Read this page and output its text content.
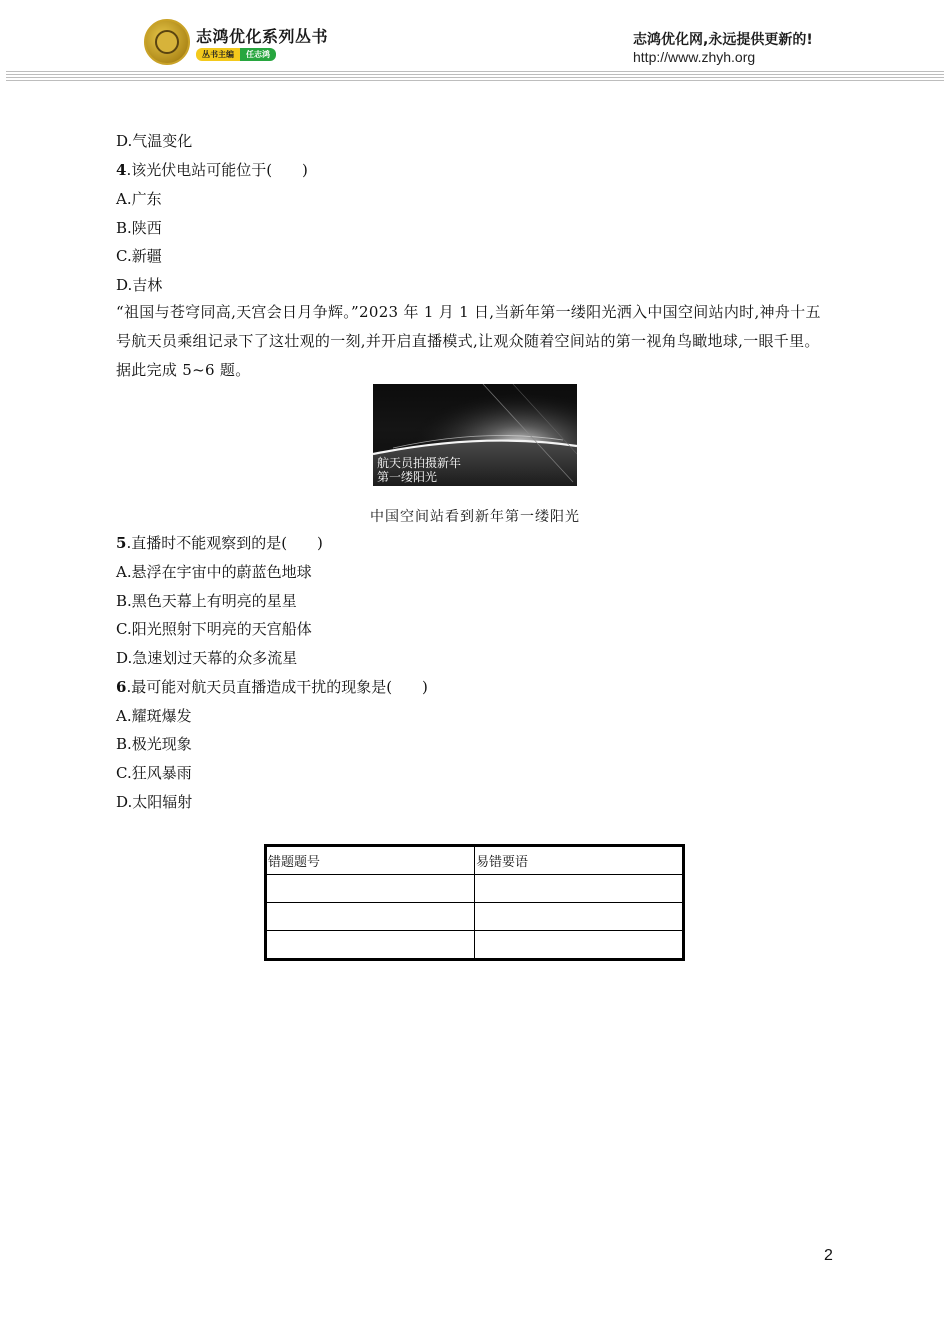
志鸿优化系列丛书
丛书主编	任志鸿
志鸿优化网,永远提供更新的!
http://www.zhyh.org
D.气温变化
4.该光伏电站可能位于(　　)
A.广东
B.陕西
C.新疆
D.吉林
“祖国与苍穹同高,天宫会日月争辉。”2023 年 1 月 1 日,当新年第一缕阳光洒入中国空间站内时,神舟十五号航天员乘组记录下了这壮观的一刻,并开启直播模式,让观众随着空间站的第一视角鸟瞰地球,一眼千里。据此完成 5~6 题。
航天员拍摄新年
第一缕阳光
中国空间站看到新年第一缕阳光
5.直播时不能观察到的是(　　)
A.悬浮在宇宙中的蔚蓝色地球
B.黑色天幕上有明亮的星星
C.阳光照射下明亮的天宫船体
D.急速划过天幕的众多流星
6.最可能对航天员直播造成干扰的现象是(　　)
A.耀斑爆发
B.极光现象
C.狂风暴雨
D.太阳辐射
错题题号	易错要语

2
